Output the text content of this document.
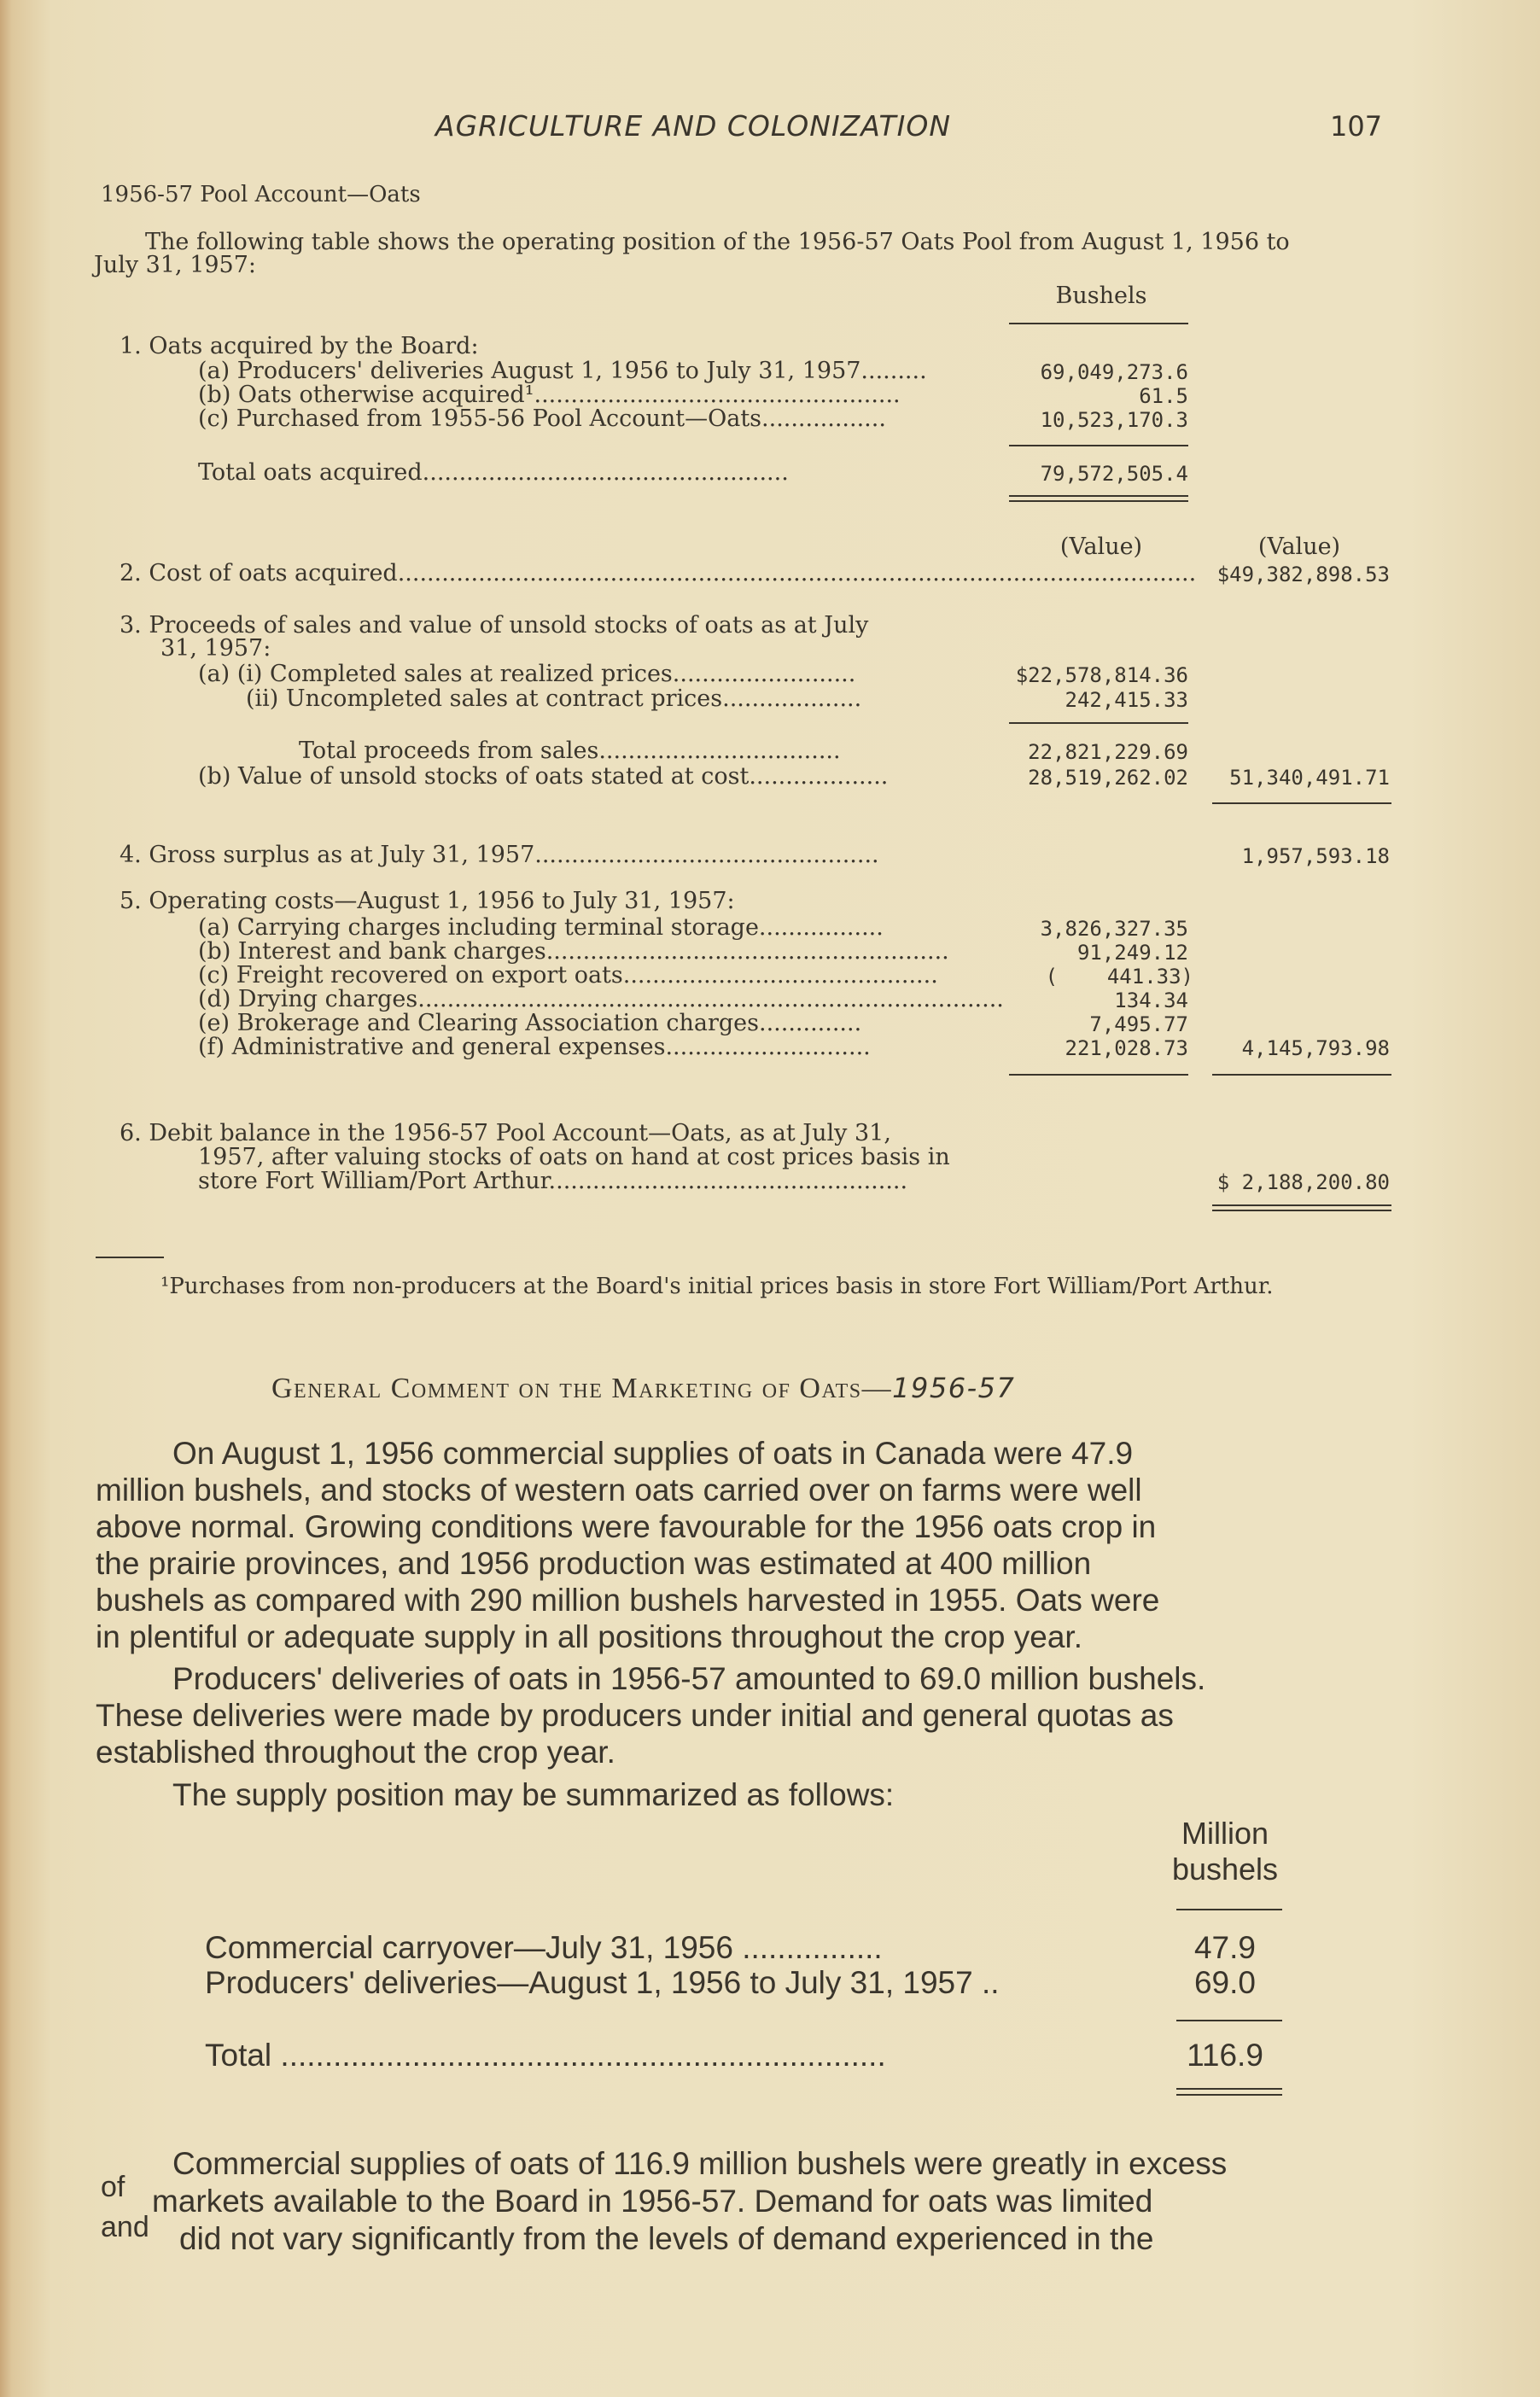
AGRICULTURE AND COLONIZATION	107
1956-57 Pool Account—Oats
The following table shows the operating position of the 1956-57 Oats Pool from August 1, 1956 to
July 31, 1957:
Bushels
1. Oats acquired by the Board:
(a) Producers' deliveries August 1, 1956 to July 31, 1957.........	69,049,273.6
(b) Oats otherwise acquired¹..................................................	61.5
(c) Purchased from 1955-56 Pool Account—Oats.................	10,523,170.3
Total oats acquired..................................................	79,572,505.4
(Value)	(Value)
2. Cost of oats acquired.............................................................................................................	$49,382,898.53
3. Proceeds of sales and value of unsold stocks of oats as at July
31, 1957:
(a) (i) Completed sales at realized prices.........................	$22,578,814.36
(ii) Uncompleted sales at contract prices...................	242,415.33
Total proceeds from sales.................................	22,821,229.69
(b) Value of unsold stocks of oats stated at cost...................	28,519,262.02	51,340,491.71
4. Gross surplus as at July 31, 1957...............................................	1,957,593.18
5. Operating costs—August 1, 1956 to July 31, 1957:
(a) Carrying charges including terminal storage.................	3,826,327.35
(b) Interest and bank charges.......................................................	91,249.12
(c) Freight recovered on export oats...........................................	(    441.33)
(d) Drying charges................................................................................	134.34
(e) Brokerage and Clearing Association charges..............	7,495.77
(f) Administrative and general expenses............................	221,028.73	4,145,793.98
6. Debit balance in the 1956-57 Pool Account—Oats, as at July 31,
1957, after valuing stocks of oats on hand at cost prices basis in
store Fort William/Port Arthur.................................................	$ 2,188,200.80
¹Purchases from non-producers at the Board's initial prices basis in store Fort William/Port Arthur.
General Comment on the Marketing of Oats—1956-57
On August 1, 1956 commercial supplies of oats in Canada were 47.9
million bushels, and stocks of western oats carried over on farms were well
above normal. Growing conditions were favourable for the 1956 oats crop in
the prairie provinces, and 1956 production was estimated at 400 million
bushels as compared with 290 million bushels harvested in 1955. Oats were
in plentiful or adequate supply in all positions throughout the crop year.
Producers' deliveries of oats in 1956-57 amounted to 69.0 million bushels.
These deliveries were made by producers under initial and general quotas as
established throughout the crop year.
The supply position may be summarized as follows:
Million
bushels
Commercial carryover—July 31, 1956 ................	47.9
Producers' deliveries—August 1, 1956 to July 31, 1957 ..	69.0
Total .....................................................................	116.9
Commercial supplies of oats of 116.9 million bushels were greatly in excess
of markets available to the Board in 1956-57. Demand for oats was limited
and did not vary significantly from the levels of demand experienced in the
